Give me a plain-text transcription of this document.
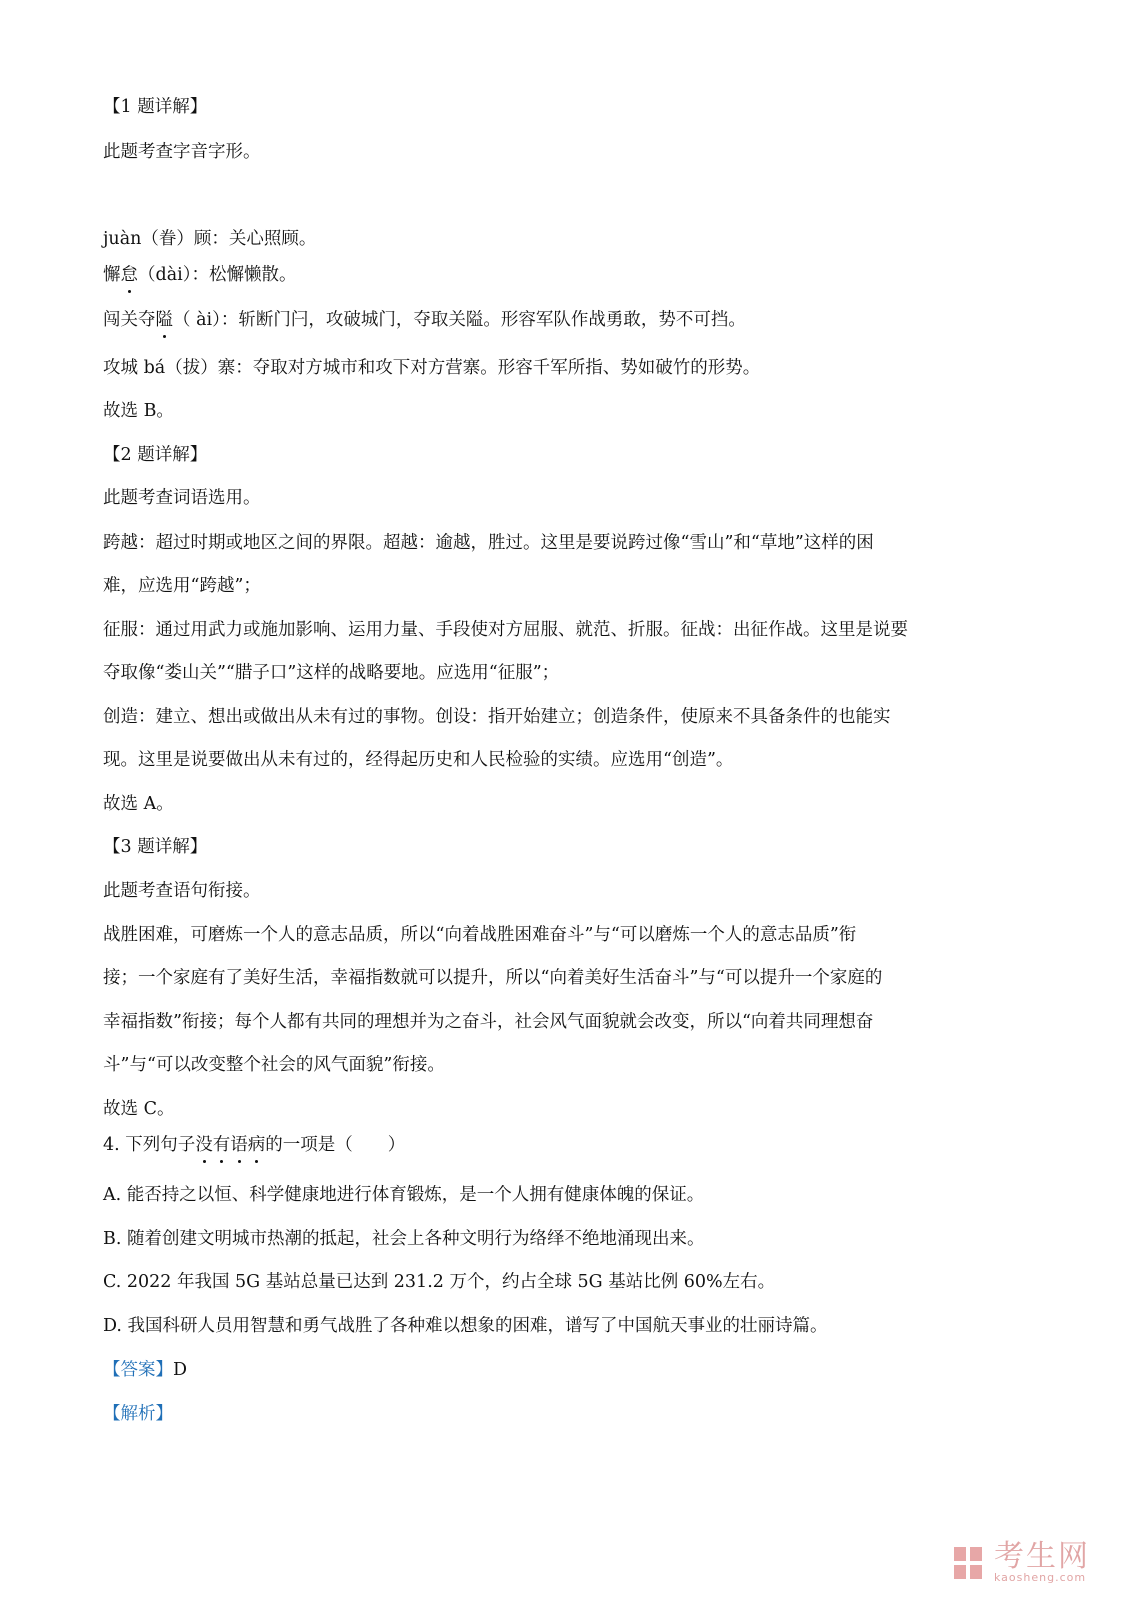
【1 题详解】
此题考查字音字形。
juàn（眷）顾：关心照顾。
懈怠（dài）：松懈懒散。
闯关夺隘（ ài）：斩断门闩，攻破城门，夺取关隘。形容军队作战勇敢，势不可挡。
攻城 bá（拔）寨：夺取对方城市和攻下对方营寨。形容千军所指、势如破竹的形势。
故选 B。
【2 题详解】
此题考查词语选用。
跨越：超过时期或地区之间的界限。超越：逾越，胜过。这里是要说跨过像“雪山”和“草地”这样的困
难，应选用“跨越”；
征服：通过用武力或施加影响、运用力量、手段使对方屈服、就范、折服。征战：出征作战。这里是说要
夺取像“娄山关”“腊子口”这样的战略要地。应选用“征服”；
创造：建立、想出或做出从未有过的事物。创设：指开始建立；创造条件，使原来不具备条件的也能实
现。这里是说要做出从未有过的，经得起历史和人民检验的实绩。应选用“创造”。
故选 A。
【3 题详解】
此题考查语句衔接。
战胜困难，可磨炼一个人的意志品质，所以“向着战胜困难奋斗”与“可以磨炼一个人的意志品质”衔
接；一个家庭有了美好生活，幸福指数就可以提升，所以“向着美好生活奋斗”与“可以提升一个家庭的
幸福指数”衔接；每个人都有共同的理想并为之奋斗，社会风气面貌就会改变，所以“向着共同理想奋
斗”与“可以改变整个社会的风气面貌”衔接。
故选 C。
4. 下列句子没有语病的一项是（　　 ）
A. 能否持之以恒、科学健康地进行体育锻炼，是一个人拥有健康体魄的保证。
B. 随着创建文明城市热潮的抵起，社会上各种文明行为络绎不绝地涌现出来。
C. 2022 年我国 5G 基站总量已达到 231.2 万个，约占全球 5G 基站比例 60%左右。
D. 我国科研人员用智慧和勇气战胜了各种难以想象的困难，谱写了中国航天事业的壮丽诗篇。
【答案】D
【解析】
考生网
kaosheng.com
